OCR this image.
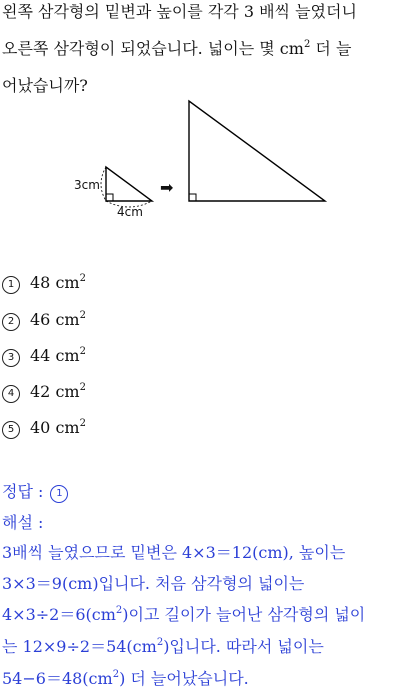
왼쪽 삼각형의 밑변과 높이를 각각 3 배씩 늘였더니
오른쪽 삼각형이 되었습니다. 넓이는 몇 $cm^2$ 더 늘
어났습니까?
3cm
4cm
➡
1 48 $cm^2$
2 46 $cm^2$
3 44 $cm^2$
4 42 $cm^2$
5 40 $cm^2$
정답 : 1
해설 :
3배씩 늘였으므로 밑변은 4×3＝12(cm), 높이는
3×3＝9(cm)입니다. 처음 삼각형의 넓이는
$4\times 3\div 2=6(cm^2)$이고 길이가 늘어난 삼각형의 넓이
는 $12\times 9\div 2=54(cm^2)$입니다. 따라서 넓이는
$54-6=48(cm^2)$ 더 늘어났습니다.
